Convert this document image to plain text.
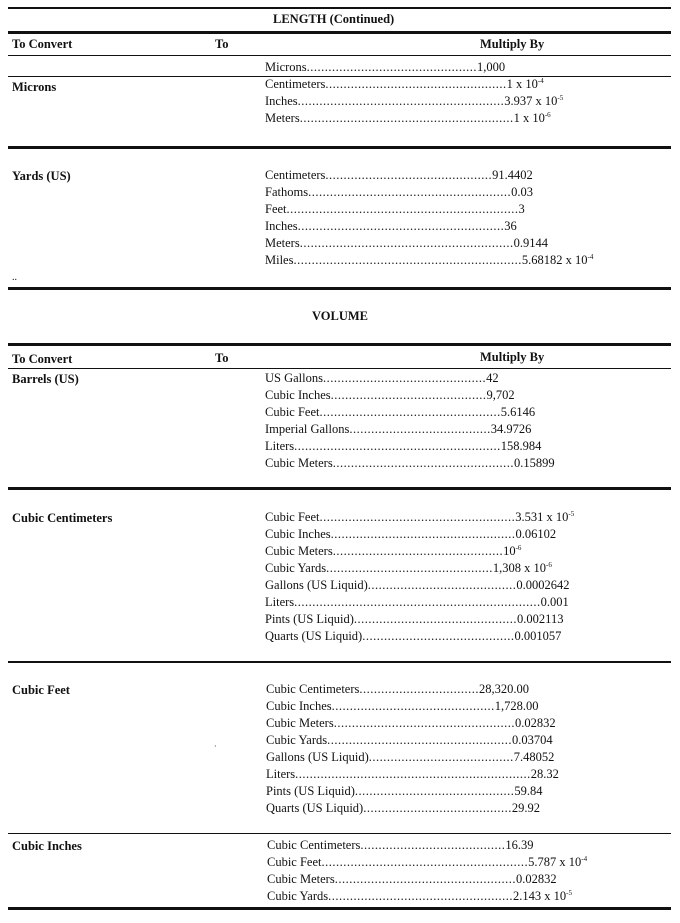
LENGTH (Continued)
To Convert	To	Multiply By
Microns
Microns...............................................1,000
Centimeters..................................................1 x $10^{-4}$
Inches.........................................................3.937 x $10^{-5}$
Meters...........................................................1 x $10^{-6}$
Yards (US)	Centimeters..............................................91.4402
Fathoms........................................................0.03
Feet................................................................3
Inches.........................................................36
Meters...........................................................0.9144
Miles...............................................................5.68182 x $10^{-4}$
..
VOLUME
To Convert	To	Multiply By
Barrels (US)	US Gallons.............................................42
Cubic Inches...........................................9,702
Cubic Feet..................................................5.6146
Imperial Gallons.......................................34.9726
Liters.........................................................158.984
Cubic Meters..................................................0.15899
Cubic Centimeters	Cubic Feet......................................................3.531 x $10^{-5}$
Cubic Inches...................................................0.06102
Cubic $Meters...............................................10^{-6}$
Cubic Yards..............................................1,308 x $10^{-6}$
Gallons (US Liquid).........................................0.0002642
Liters....................................................................0.001
Pints (US Liquid).............................................0.002113
Quarts (US Liquid)..........................................0.001057
Cubic Feet	Cubic Centimeters.................................28,320.00
Cubic Inches.............................................1,728.00
Cubic Meters..................................................0.02832
Cubic Yards...................................................0.03704
Gallons (US Liquid)........................................7.48052
Liters.................................................................28.32
Pints (US Liquid)............................................59.84
Quarts (US Liquid).........................................29.92
·
Cubic Inches	Cubic Centimeters........................................16.39
Cubic Feet.........................................................5.787 x $10^{-4}$
Cubic Meters..................................................0.02832
Cubic Yards...................................................2.143 x $10^{-5}$
